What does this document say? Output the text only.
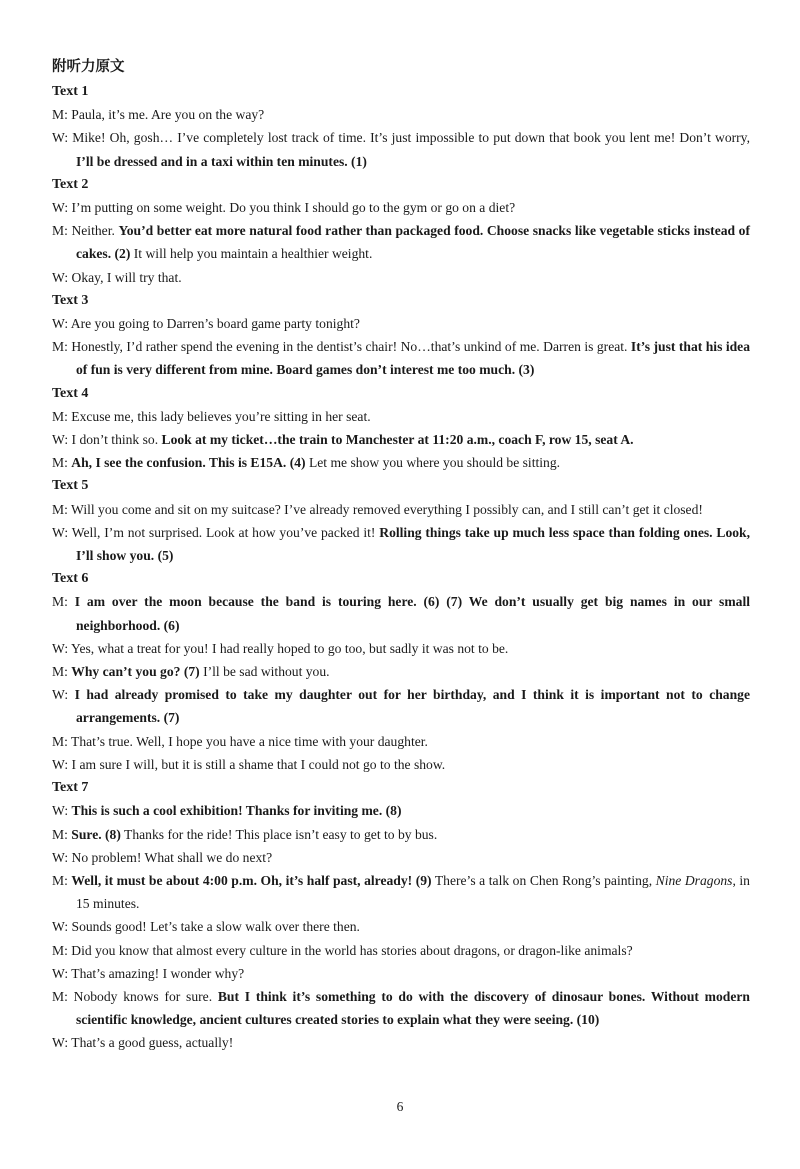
附听力原文
Text 1
M: Paula, it’s me. Are you on the way?
W: Mike! Oh, gosh… I’ve completely lost track of time. It’s just impossible to put down that book you lent me! Don’t worry, I’ll be dressed and in a taxi within ten minutes. (1)
Text 2
W: I’m putting on some weight. Do you think I should go to the gym or go on a diet?
M: Neither. You’d better eat more natural food rather than packaged food. Choose snacks like vegetable sticks instead of cakes. (2) It will help you maintain a healthier weight.
W: Okay, I will try that.
Text 3
W: Are you going to Darren’s board game party tonight?
M: Honestly, I’d rather spend the evening in the dentist’s chair! No…that’s unkind of me. Darren is great. It’s just that his idea of fun is very different from mine. Board games don’t interest me too much. (3)
Text 4
M: Excuse me, this lady believes you’re sitting in her seat.
W: I don’t think so. Look at my ticket…the train to Manchester at 11:20 a.m., coach F, row 15, seat A.
M: Ah, I see the confusion. This is E15A. (4) Let me show you where you should be sitting.
Text 5
M: Will you come and sit on my suitcase? I’ve already removed everything I possibly can, and I still can’t get it closed!
W: Well, I’m not surprised. Look at how you’ve packed it! Rolling things take up much less space than folding ones. Look, I’ll show you. (5)
Text 6
M: I am over the moon because the band is touring here. (6) (7) We don’t usually get big names in our small neighborhood. (6)
W: Yes, what a treat for you! I had really hoped to go too, but sadly it was not to be.
M: Why can’t you go? (7) I’ll be sad without you.
W: I had already promised to take my daughter out for her birthday, and I think it is important not to change arrangements. (7)
M: That’s true. Well, I hope you have a nice time with your daughter.
W: I am sure I will, but it is still a shame that I could not go to the show.
Text 7
W: This is such a cool exhibition! Thanks for inviting me. (8)
M: Sure. (8) Thanks for the ride! This place isn’t easy to get to by bus.
W: No problem! What shall we do next?
M: Well, it must be about 4:00 p.m. Oh, it’s half past, already! (9) There’s a talk on Chen Rong’s painting, Nine Dragons, in 15 minutes.
W: Sounds good! Let’s take a slow walk over there then.
M: Did you know that almost every culture in the world has stories about dragons, or dragon-like animals?
W: That’s amazing! I wonder why?
M: Nobody knows for sure. But I think it’s something to do with the discovery of dinosaur bones. Without modern scientific knowledge, ancient cultures created stories to explain what they were seeing. (10)
W: That’s a good guess, actually!
6
